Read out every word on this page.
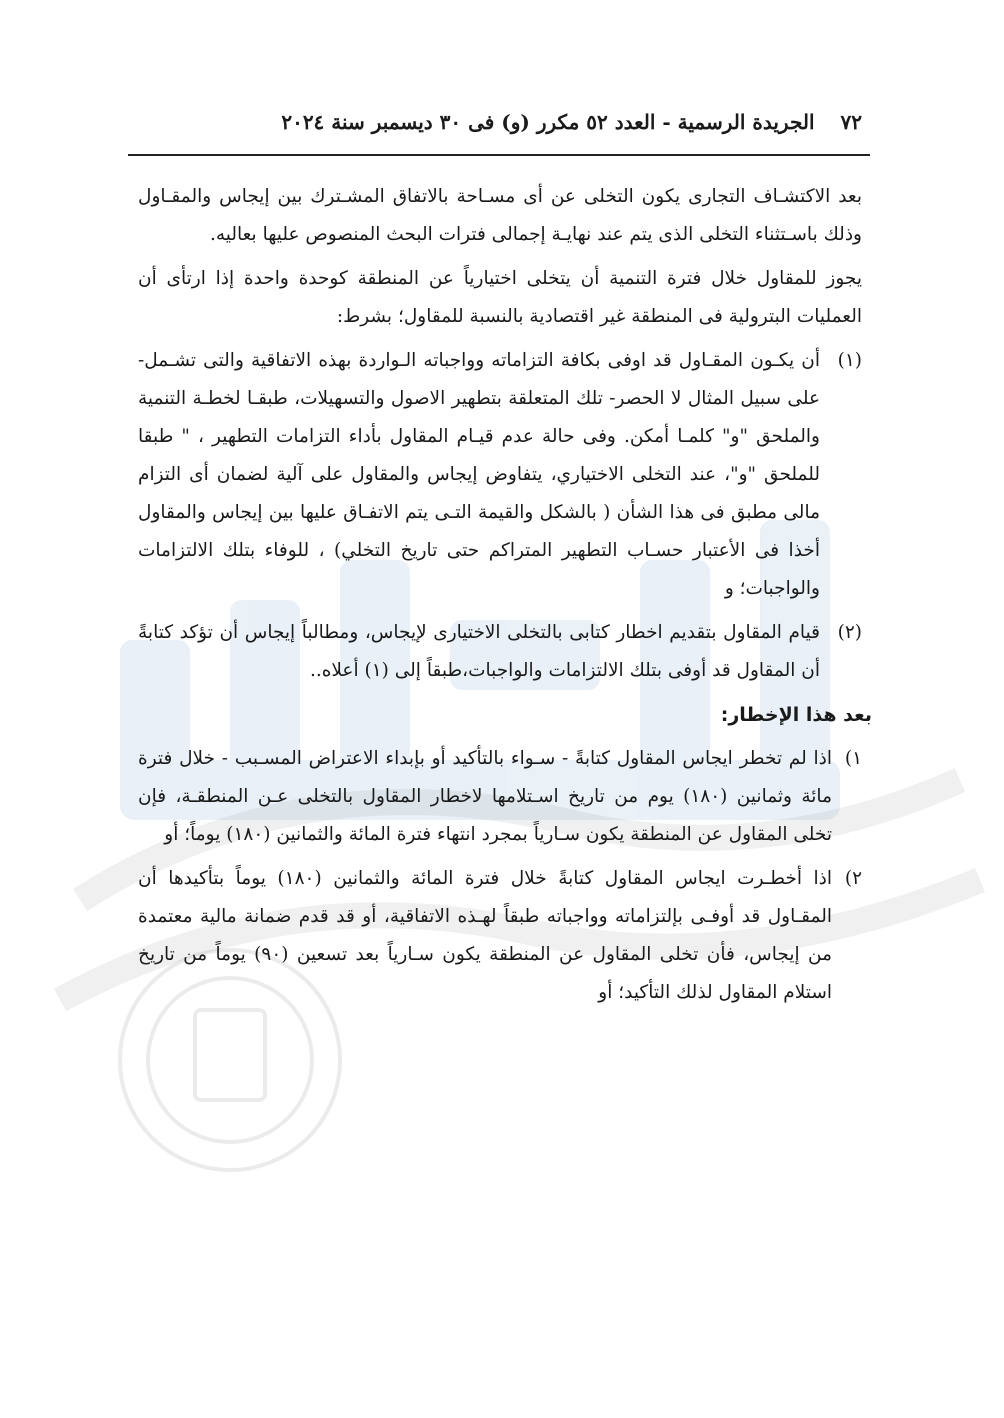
٧٢
الجريدة الرسمية - العدد ٥٢ مكرر (و) فى ٣٠ ديسمبر سنة ٢٠٢٤

بعد الاكتشـاف التجارى يكون التخلى عن أى مسـاحة بالاتفاق المشـترك بين إيجاس والمقـاول وذلك باسـتثناء التخلى الذى يتم عند نهايـة إجمالى فترات البحث المنصوص عليها بعاليه.

يجوز للمقاول خلال فترة التنمية أن يتخلى اختيارياً عن المنطقة كوحدة واحدة إذا ارتأى أن العمليات البترولية فى المنطقة غير اقتصادية بالنسبة للمقاول؛ بشرط:

(١)
أن يكـون المقـاول قد اوفى بكافة التزاماته وواجباته الـواردة بهذه الاتفاقية والتى تشـمل- على سبيل المثال لا الحصر- تلك المتعلقة بتطهير الاصول والتسهيلات، طبقـا لخطـة التنمية والملحق "و" كلمـا أمكن. وفى حالة عدم قيـام المقاول بأداء التزامات التطهير ، " طبقا للملحق "و"، عند التخلى الاختياري، يتفاوض إيجاس والمقاول على آلية لضمان أى التزام مالى مطبق فى هذا الشأن ( بالشكل والقيمة التـى يتم الاتفـاق عليها بين إيجاس والمقاول أخذا فى الأعتبار حسـاب التطهير المتراكم حتى تاريخ التخلي) ، للوفاء بتلك الالتزامات والواجبات؛ و
(٢)
قيام المقاول بتقديم اخطار كتابى بالتخلى الاختيارى لإيجاس، ومطالباً إيجاس أن تؤكد كتابةً أن المقاول قد أوفى بتلك الالتزامات والواجبات،طبقاً إلى (١) أعلاه..
بعد هذا الإخطار:
١)
اذا لم تخطر ايجاس المقاول كتابةً - سـواء بالتأكيد أو بإبداء الاعتراض المسـبب - خلال فترة مائة وثمانين (١٨٠) يوم من تاريخ اسـتلامها لاخطار المقاول بالتخلى عـن المنطقـة، فإن تخلى المقاول عن المنطقة يكون سـارياً بمجرد انتهاء فترة المائة والثمانين (١٨٠) يوماً؛ أو
٢)
اذا أخطـرت ايجاس المقاول كتابةً خلال فترة المائة والثمانين (١٨٠) يوماً بتأكيدها أن المقـاول قد أوفـى بإلتزاماته وواجباته طبقاً لهـذه الاتفاقية، أو قد قدم ضمانة مالية معتمدة من إيجاس، فأن تخلى المقاول عن المنطقة يكون سـارياً بعد تسعين (٩٠) يوماً من تاريخ استلام المقاول لذلك التأكيد؛ أو
